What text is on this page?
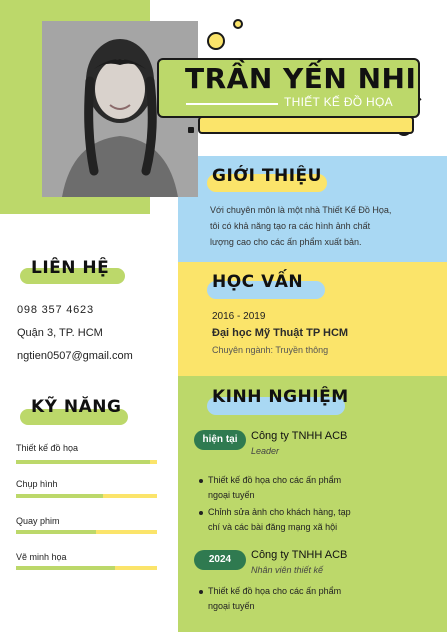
TRẦN YẾN NHI
THIẾT KẾ ĐỒ HỌA
GIỚI THIỆU
Với chuyên môn là một nhà Thiết Kế Đồ Họa,
tôi có khả năng tạo ra các hình ảnh chất
lượng cao cho các ấn phẩm xuất bản.
HỌC VẤN
2016 - 2019
Đại học Mỹ Thuật TP HCM
Chuyên ngành: Truyền thông
LIÊN HỆ
098 357 4623
Quận 3, TP. HCM
ngtien0507@gmail.com
KỸ NĂNG
Thiết kế đồ họa
Chụp hình
Quay phim
Vẽ minh họa
KINH NGHIỆM
hiện tại	Công ty TNHH ACB
Leader
Thiết kế đồ họa cho các ấn phẩm
ngoại tuyến
Chỉnh sửa ảnh cho khách hàng, tạp
chí và các bài đăng mạng xã hội
2024	Công ty TNHH ACB
Nhân viên thiết kế
Thiết kế đồ họa cho các ấn phẩm
ngoại tuyến
